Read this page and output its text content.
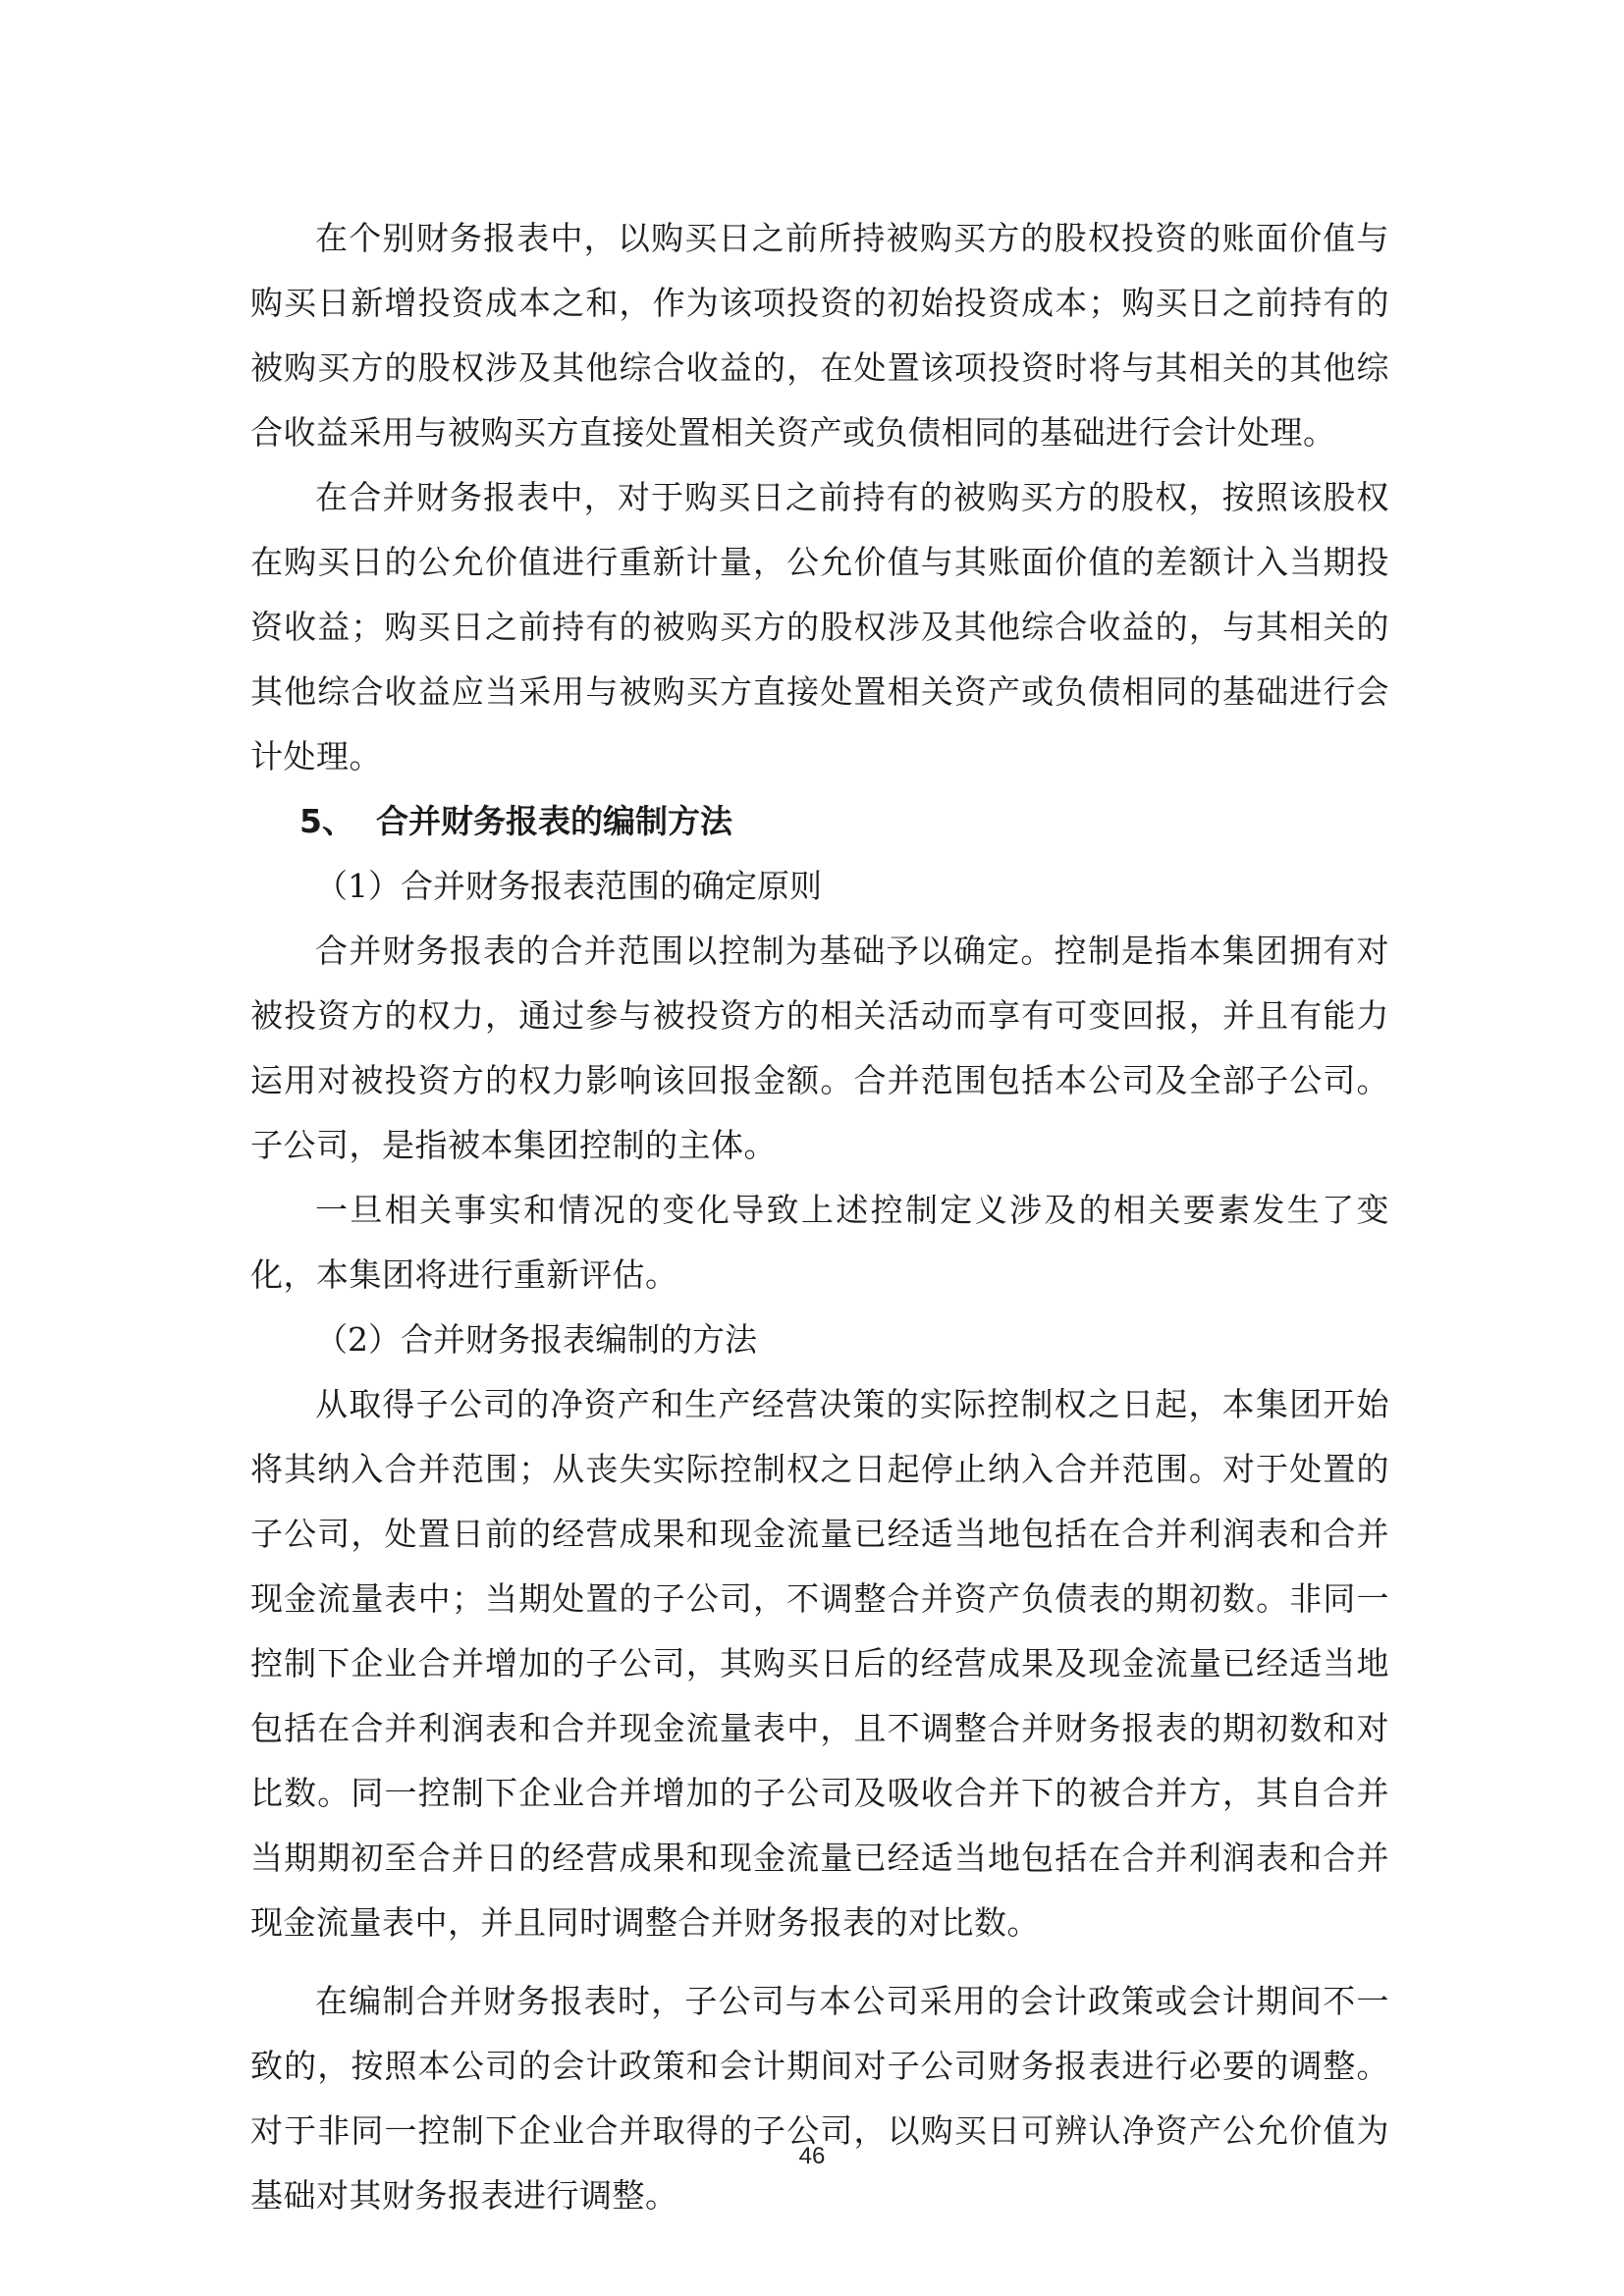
在个别财务报表中，以购买日之前所持被购买方的股权投资的账面价值与购买日新增投资成本之和，作为该项投资的初始投资成本；购买日之前持有的被购买方的股权涉及其他综合收益的，在处置该项投资时将与其相关的其他综合收益采用与被购买方直接处置相关资产或负债相同的基础进行会计处理。

在合并财务报表中，对于购买日之前持有的被购买方的股权，按照该股权在购买日的公允价值进行重新计量，公允价值与其账面价值的差额计入当期投资收益；购买日之前持有的被购买方的股权涉及其他综合收益的，与其相关的其他综合收益应当采用与被购买方直接处置相关资产或负债相同的基础进行会计处理。

5、 合并财务报表的编制方法
（1）合并财务报表范围的确定原则

合并财务报表的合并范围以控制为基础予以确定。控制是指本集团拥有对被投资方的权力，通过参与被投资方的相关活动而享有可变回报，并且有能力运用对被投资方的权力影响该回报金额。合并范围包括本公司及全部子公司。子公司，是指被本集团控制的主体。

一旦相关事实和情况的变化导致上述控制定义涉及的相关要素发生了变化，本集团将进行重新评估。

（2）合并财务报表编制的方法

从取得子公司的净资产和生产经营决策的实际控制权之日起，本集团开始将其纳入合并范围；从丧失实际控制权之日起停止纳入合并范围。对于处置的子公司，处置日前的经营成果和现金流量已经适当地包括在合并利润表和合并现金流量表中；当期处置的子公司，不调整合并资产负债表的期初数。非同一控制下企业合并增加的子公司，其购买日后的经营成果及现金流量已经适当地包括在合并利润表和合并现金流量表中，且不调整合并财务报表的期初数和对比数。同一控制下企业合并增加的子公司及吸收合并下的被合并方，其自合并当期期初至合并日的经营成果和现金流量已经适当地包括在合并利润表和合并现金流量表中，并且同时调整合并财务报表的对比数。

在编制合并财务报表时，子公司与本公司采用的会计政策或会计期间不一致的，按照本公司的会计政策和会计期间对子公司财务报表进行必要的调整。对于非同一控制下企业合并取得的子公司，以购买日可辨认净资产公允价值为基础对其财务报表进行调整。

46
